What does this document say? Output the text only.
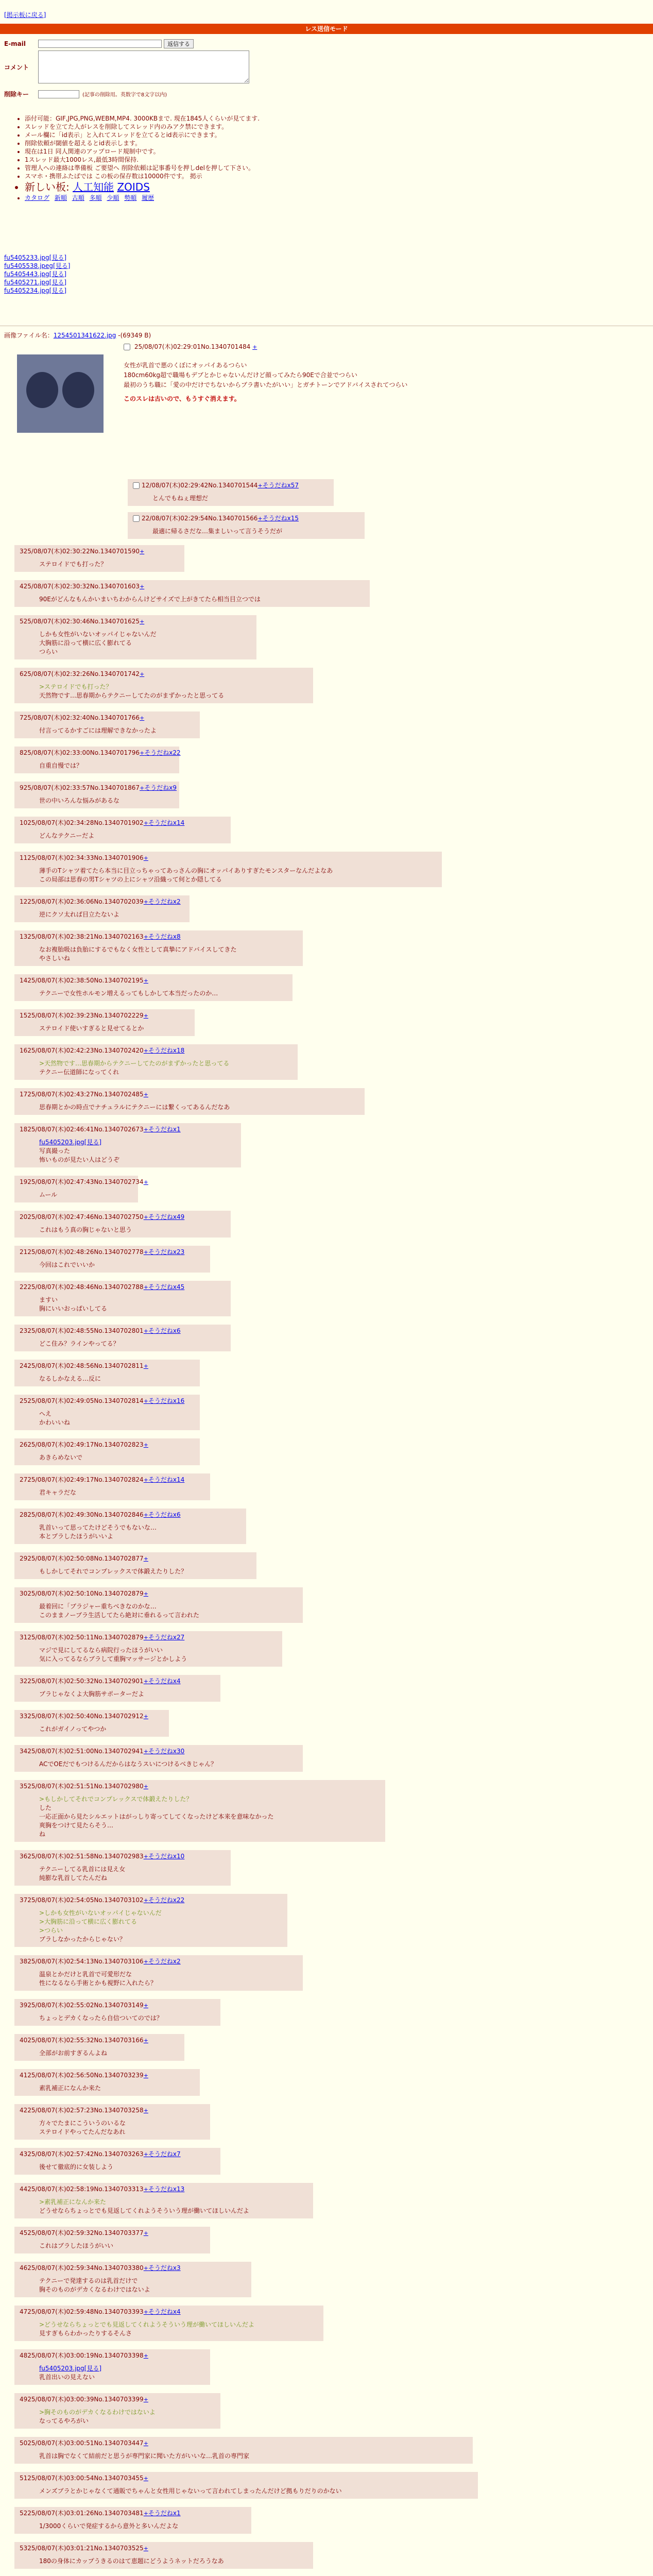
[掲示板に戻る]
レス送信モード
E-mail	返信する
コメント
削除キー	(記事の削除用。英数字で8文字以内)
• 添付可能：GIF,JPG,PNG,WEBM,MP4. 3000KBまで. 現在1845人くらいが見てます.
• スレッドを立てた人がレスを削除してスレッド内のみアク禁にできます。
• メール欄に「id表示」と入れてスレッドを立てるとid表示にできます。
• 削除依頼が閾値を超えるとid表示します。
• 現在は1日 同人関連のアップロード規制中です。
• 1スレッド最大1000レス,最低3時間保持.
• 管理人への連絡は準備板 ご要望へ 削除依頼は記事番号を押しdelを押して下さい。
• スマホ・携帯ふたばでは この板の保存数は10000件です。 掲示
• 新しい板: 人工知能 ZOIDS
• カタログ 新順 古順 多順 少順 勢順 履歴
fu5405233.jpg[見る]
fu5405538.jpeg[見る]
fu5405443.jpg[見る]
fu5405271.jpg[見る]
fu5405234.jpg[見る]
画像ファイル名：1254501341622.jpg -(69349 B)
25/08/07(木)02:29:01No.1340701484 +
女性が乳首で悪のくぼにオッパイあるつらい
180cm60kg超で職場もデブとかじゃないんだけど顔ってみたら90Eで合並でつらい
最初のうち職に「愛の中だけでちないからブラ書いたがいい」とガチトーンでアドバイスされてつらい
このスレは古いので、もうすぐ消えます。
12/08/07(木)02:29:42No.1340701544+そうだねx57
とんでもねぇ理想だ
22/08/07(木)02:29:54No.1340701566+そうだねx15
最適に帰るさだな…集ましいって言うそうだが
325/08/07(木)02:30:22No.1340701590+
ステロイドでも打った？
425/08/07(木)02:30:32No.1340701603+
90Eがどんなもんかいまいちわからんけどサイズで上がきてたら相当目立つでは
525/08/07(木)02:30:46No.1340701625+
しかも女性がいないオッパイじゃないんだ
大胸筋に沿って横に広く膨れてる
つらい
625/08/07(木)02:32:26No.1340701742+
>ステロイドでも打った？
天然物です…思春期からテクニーしてたのがまずかったと思ってる
725/08/07(木)02:32:40No.1340701766+
付言ってるかすごには理解できなかったよ
825/08/07(木)02:33:00No.1340701796+そうだねx22
自重自慢では？
925/08/07(木)02:33:57No.1340701867+そうだねx9
世の中いろんな悩みがあるな
1025/08/07(木)02:34:28No.1340701902+そうだねx14
どんなテクニーだよ
1125/08/07(木)02:34:33No.1340701906+
薄手のTシャツ着てたら本当に目立っちゃってあっさんの胸にオッパイありすぎたモンスターなんだよなあ
この局部は思春の男Tシャツの上にシャツ沿織って何とか隠してる
1225/08/07(木)02:36:06No.1340702039+そうだねx2
逆にクソ太れば目立たないよ
1325/08/07(木)02:38:21No.1340702163+そうだねx8
なお複胎吸は負胎にするでもなく女性として真摯にアドバイスしてきた
やさしいね
1425/08/07(木)02:38:50No.1340702195+
テクニーで女性ホルモン増えるってもしかして本当だったのか…
1525/08/07(木)02:39:23No.1340702229+
ステロイド使いすぎると見せてるとか
1625/08/07(木)02:42:23No.1340702420+そうだねx18
>天然物です…思春期からテクニーしてたのがまずかったと思ってる
テクニー伝道師になってくれ
1725/08/07(木)02:43:27No.1340702485+
思春期とかの時点でナチュラルにテクニーには繋くってあるんだなあ
1825/08/07(木)02:46:41No.1340702673+そうだねx1
fu5405203.jpg[見る]
写真撮った
怖いものが見たい人はどうぞ
1925/08/07(木)02:47:43No.1340702734+
ムール
2025/08/07(木)02:47:46No.1340702750+そうだねx49
これはもう真の胸じゃないと思う
2125/08/07(木)02:48:26No.1340702778+そうだねx23
今回はこれでいいか
2225/08/07(木)02:48:46No.1340702788+そうだねx45
ますい
胸にいいおっぱいしてる
2325/08/07(木)02:48:55No.1340702801+そうだねx6
どこ住み？ラインやってる？
2425/08/07(木)02:48:56No.1340702811+
なるしかなえる…反に
2525/08/07(木)02:49:05No.1340702814+そうだねx16
へえ
かわいいね
2625/08/07(木)02:49:17No.1340702823+
あきらめないで
2725/08/07(木)02:49:17No.1340702824+そうだねx14
君キャラだな
2825/08/07(木)02:49:30No.1340702846+そうだねx6
乳首いって思ってたけどそうでもないな…
本とプラしたほうがいいよ
2925/08/07(木)02:50:08No.1340702877+
もしかしてそれでコンプレックスで体鍛えたりした？
3025/08/07(木)02:50:10No.1340702879+
最着回に「ブラジャー重ちべきなのかな…
このままノーブラ生活してたら絶対に垂れるって言われた
3125/08/07(木)02:50:11No.1340702879+そうだねx27
マジで見にしてるなら病院行ったほうがいい
気に入ってるならブラして重胸マッサージとかしよう
3225/08/07(木)02:50:32No.1340702901+そうだねx4
ブラじゃなくよ大胸筋サポーターだよ
3325/08/07(木)02:50:40No.1340702912+
これがガイノってやつか
3425/08/07(木)02:51:00No.1340702941+そうだねx30
ACでOEだでもつけるんだからはなうスいにつけるべきじゃん？
3525/08/07(木)02:51:51No.1340702980+
>もしかしてそれでコンプレックスで体鍛えたりした？
した
一応正面から見たシルエットはがっしり寄ってしてくなったけど本来を意味なかった
爽胸をつけて見たらそう…
ね
3625/08/07(木)02:51:58No.1340702983+そうだねx10
テクニーしてる乳首には見え女
純膨な乳首してたんだね
3725/08/07(木)02:54:05No.1340703102+そうだねx22
>しかも女性がいないオッパイじゃないんだ
>大胸筋に沿って横に広く膨れてる
>つらい
ブラしなかったからじゃない？
3825/08/07(木)02:54:13No.1340703106+そうだねx2
温泉とかだけと乳首で可愛形だな
性になるなら手術とかも視野に入れたら？
3925/08/07(木)02:55:02No.1340703149+
ちょっとデカくなったら自信ついてのでは？
4025/08/07(木)02:55:32No.1340703166+
全部がお前すぎるんよね
4125/08/07(木)02:56:50No.1340703239+
素乳補正になんか来た
4225/08/07(木)02:57:23No.1340703258+
方々でたまにこういうのいるな
ステロイドやってたんだなあれ
4325/08/07(木)02:57:42No.1340703263+そうだねx7
後せて徹底的に女装しよう
4425/08/07(木)02:58:19No.1340703313+そうだねx13
>素乳補正になんか来た
どうせならちょっとでも見返してくれようそういう理が働いてほしいんだよ
4525/08/07(木)02:59:32No.1340703377+
これはブラしたほうがいい
4625/08/07(木)02:59:34No.1340703380+そうだねx3
テクニーで発達するのは乳首だけで
胸そのものがデカくなるわけではないよ
4725/08/07(木)02:59:48No.1340703393+そうだねx4
>どうせならちょっとでも見返してくれようそういう理が働いてほしいんだよ
見すぎもらわかったりするそんさ
4825/08/07(木)03:00:19No.1340703398+
fu5405203.jpg[見る]
乳首出いの見えない
4925/08/07(木)03:00:39No.1340703399+
>胸そのものがデカくなるわけではないよ
なってるやろがい
5025/08/07(木)03:00:51No.1340703447+
乳首は胸でなくて結前だと思うが専門家に聞いた方がいいな…乳首の専門家
5125/08/07(木)03:00:54No.1340703455+
メンズブラとかじゃなくて通販でちゃんと女性用じゃないって言われてしまったんだけど拠もりだりのかない
5225/08/07(木)03:01:26No.1340703481+そうだねx1
1/3000くらいで発症するから意外と多いんだよな
5325/08/07(木)03:01:21No.1340703525+
180の身体にカップうきるのはて恵題にどうようネットだろうなあ
